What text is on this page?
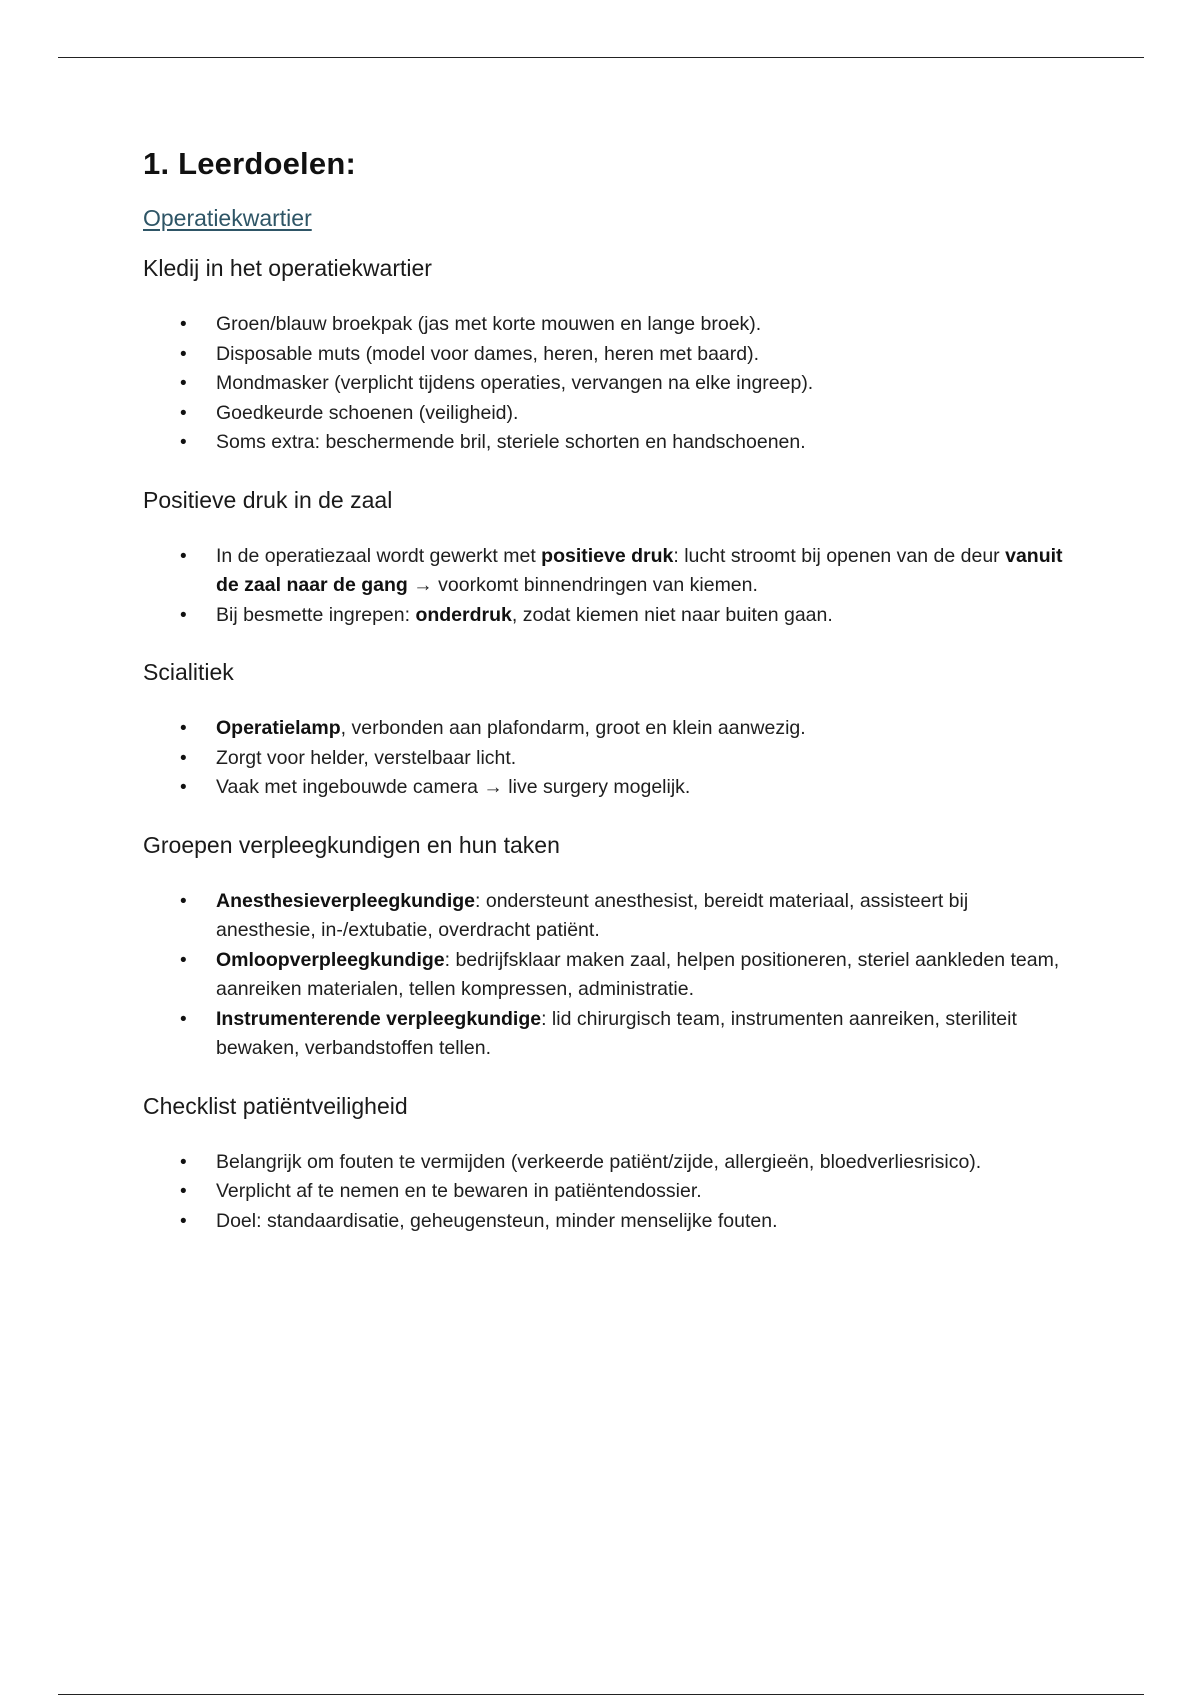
1. Leerdoelen:
Operatiekwartier
Kledij in het operatiekwartier
• Groen/blauw broekpak (jas met korte mouwen en lange broek).
• Disposable muts (model voor dames, heren, heren met baard).
• Mondmasker (verplicht tijdens operaties, vervangen na elke ingreep).
• Goedkeurde schoenen (veiligheid).
• Soms extra: beschermende bril, steriele schorten en handschoenen.
Positieve druk in de zaal
• In de operatiezaal wordt gewerkt met positieve druk: lucht stroomt bij openen van de deur vanuit de zaal naar de gang → voorkomt binnendringen van kiemen.
• Bij besmette ingrepen: onderdruk, zodat kiemen niet naar buiten gaan.
Scialitiek
• Operatielamp, verbonden aan plafondarm, groot en klein aanwezig.
• Zorgt voor helder, verstelbaar licht.
• Vaak met ingebouwde camera → live surgery mogelijk.
Groepen verpleegkundigen en hun taken
• Anesthesieverpleegkundige: ondersteunt anesthesist, bereidt materiaal, assisteert bij anesthesie, in-/extubatie, overdracht patiënt.
• Omloopverpleegkundige: bedrijfsklaar maken zaal, helpen positioneren, steriel aankleden team, aanreiken materialen, tellen kompressen, administratie.
• Instrumenterende verpleegkundige: lid chirurgisch team, instrumenten aanreiken, steriliteit bewaken, verbandstoffen tellen.
Checklist patiëntveiligheid
• Belangrijk om fouten te vermijden (verkeerde patiënt/zijde, allergieën, bloedverliesrisico).
• Verplicht af te nemen en te bewaren in patiëntendossier.
• Doel: standaardisatie, geheugensteun, minder menselijke fouten.
